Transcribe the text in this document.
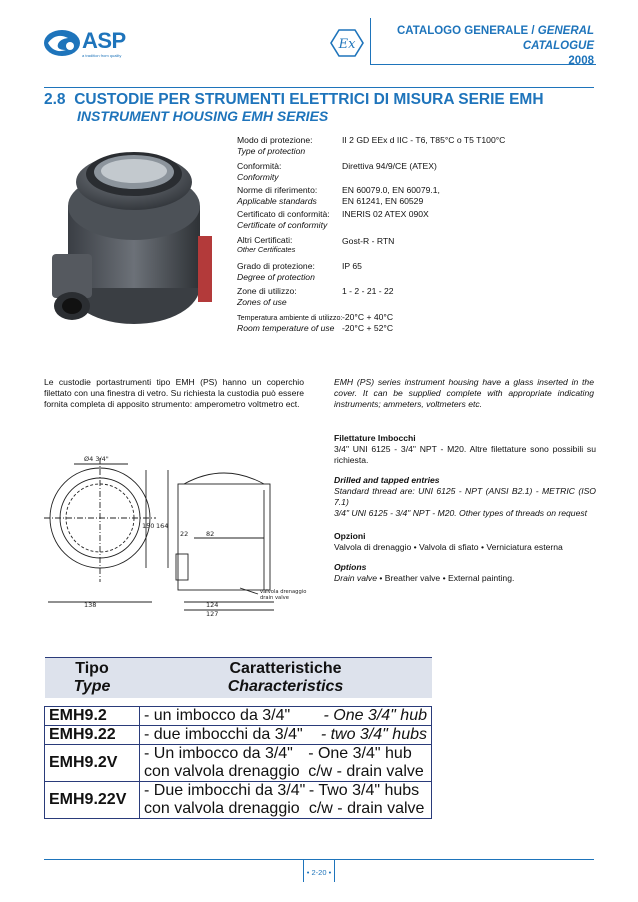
ASP
a tradition from quality
Ex
CATALOGO GENERALE / GENERAL CATALOGUE
2008
2.8 CUSTODIE PER STRUMENTI ELETTRICI DI MISURA SERIE EMH
INSTRUMENT HOUSING EMH SERIES
Modo di protezione:
Type of protection
II 2 GD EEx d IIC - T6, T85°C o T5 T100°C
Conformità:
Conformity
Direttiva 94/9/CE (ATEX)
Norme di riferimento:
Applicable standards
EN 60079.0, EN 60079.1,
EN 61241, EN 60529
Certificato di conformità:
Certificate of conformity
INERIS 02 ATEX 090X
Altri Certificati:
Other Certificates
Gost-R - RTN
Grado di protezione:
Degree of protection
IP 65
Zone di utilizzo:
Zones of use
1 - 2 - 21 - 22
Temperatura ambiente di utilizzo:
Room temperature of use
-20°C + 40°C
-20°C + 52°C
Le custodie portastrumenti tipo EMH (PS) hanno un coperchio filettato con una finestra di vetro. Su richiesta la custodia può essere fornita completa di apposito strumento: amperometro voltmetro ect.
EMH (PS) series instrument housing have a glass inserted in the cover. It can be supplied complete with appropriate indicating instruments; ammeters, voltmeters etc.
Ø4 3/4"
150 164
22	82
138	124
127
valvola drenaggio
drain valve

Filettature Imbocchi

3/4" UNI 6125 - 3/4" NPT - M20. Altre filettature sono possibili su richiesta.

Drilled and tapped entries

Standard thread are: UNI 6125 - NPT (ANSI B2.1) - METRIC (ISO 7.1)

3/4" UNI 6125 - 3/4" NPT - M20. Other types of threads on request

Opzioni

Valvola di drenaggio • Valvola di sfiato • Verniciatura esterna

Options

Drain valve • Breather valve • External painting.

Tipo
Type	Caratteristiche
Characteristics

EMH9.2	- un imbocco da 3/4" - One 3/4" hub

EMH9.22	- due imbocchi da 3/4" - two 3/4" hubs

EMH9.2V	- Un imbocco da 3/4" con valvola drenaggio
- One 3/4" hub c/w - drain valve

EMH9.22V	- Due imbocchi da 3/4" con valvola drenaggio
- Two 3/4" hubs c/w - drain valve
• 2-20 •
